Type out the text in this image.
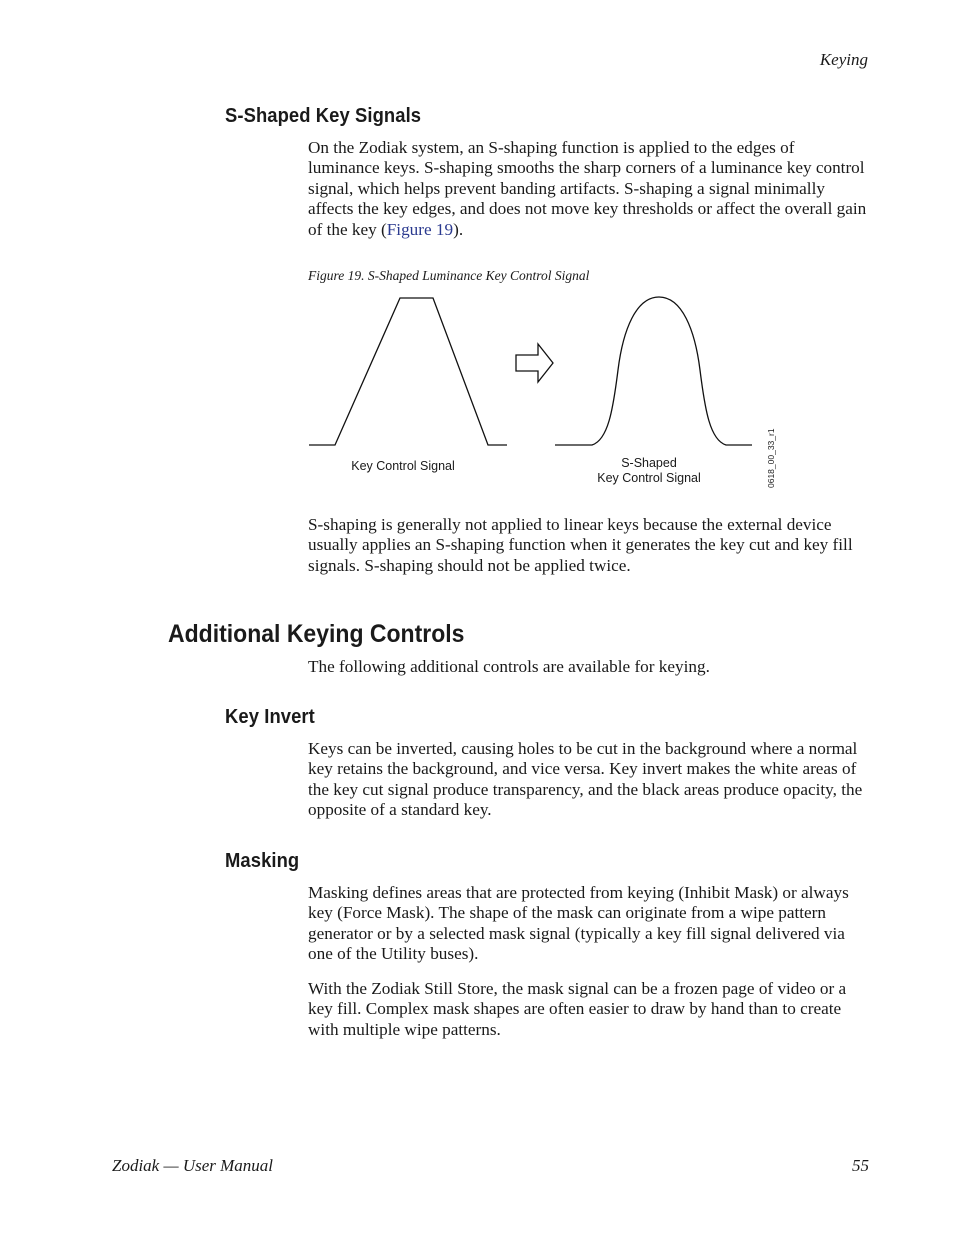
Keying
S-Shaped Key Signals

On the Zodiak system, an S-shaping function is applied to the edges of luminance keys. S-shaping smooths the sharp corners of a luminance key control signal, which helps prevent banding artifacts. S-shaping a signal minimally affects the key edges, and does not move key thresholds or affect the overall gain of the key (Figure 19).

Figure 19. S-Shaped Luminance Key Control Signal
Key Control Signal	S-Shaped
Key Control Signal	0618_00_33_r1

S-shaping is generally not applied to linear keys because the external device usually applies an S-shaping function when it generates the key cut and key fill signals. S-shaping should not be applied twice.

Additional Keying Controls

The following additional controls are available for keying.

Key Invert

Keys can be inverted, causing holes to be cut in the background where a normal key retains the background, and vice versa. Key invert makes the white areas of the key cut signal produce transparency, and the black areas produce opacity, the opposite of a standard key.

Masking

Masking defines areas that are protected from keying (Inhibit Mask) or always key (Force Mask). The shape of the mask can originate from a wipe pattern generator or by a selected mask signal (typically a key fill signal delivered via one of the Utility buses).

With the Zodiak Still Store, the mask signal can be a frozen page of video or a key fill. Complex mask shapes are often easier to draw by hand than to create with multiple wipe patterns.

Zodiak — User Manual	55
